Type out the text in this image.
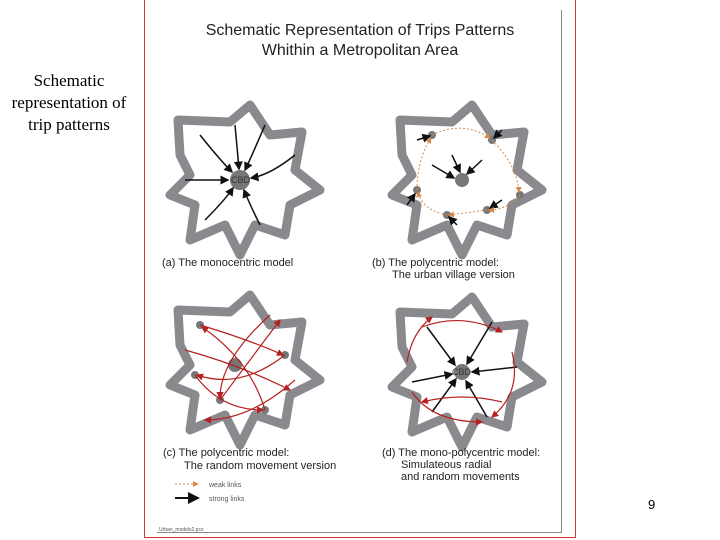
Schematic representation of trip patterns
Schematic Representation of Trips Patterns
Whithin a Metropolitan Area
CBD
CBD
(a) The monocentric model	(b) The polycentric model:
The urban village version
(c) The polycentric model:
The random movement version
(d) The mono-polycentric model:
Simulateous radial
and random movements
weak links
strong links
Urban_models2.pcx
9
